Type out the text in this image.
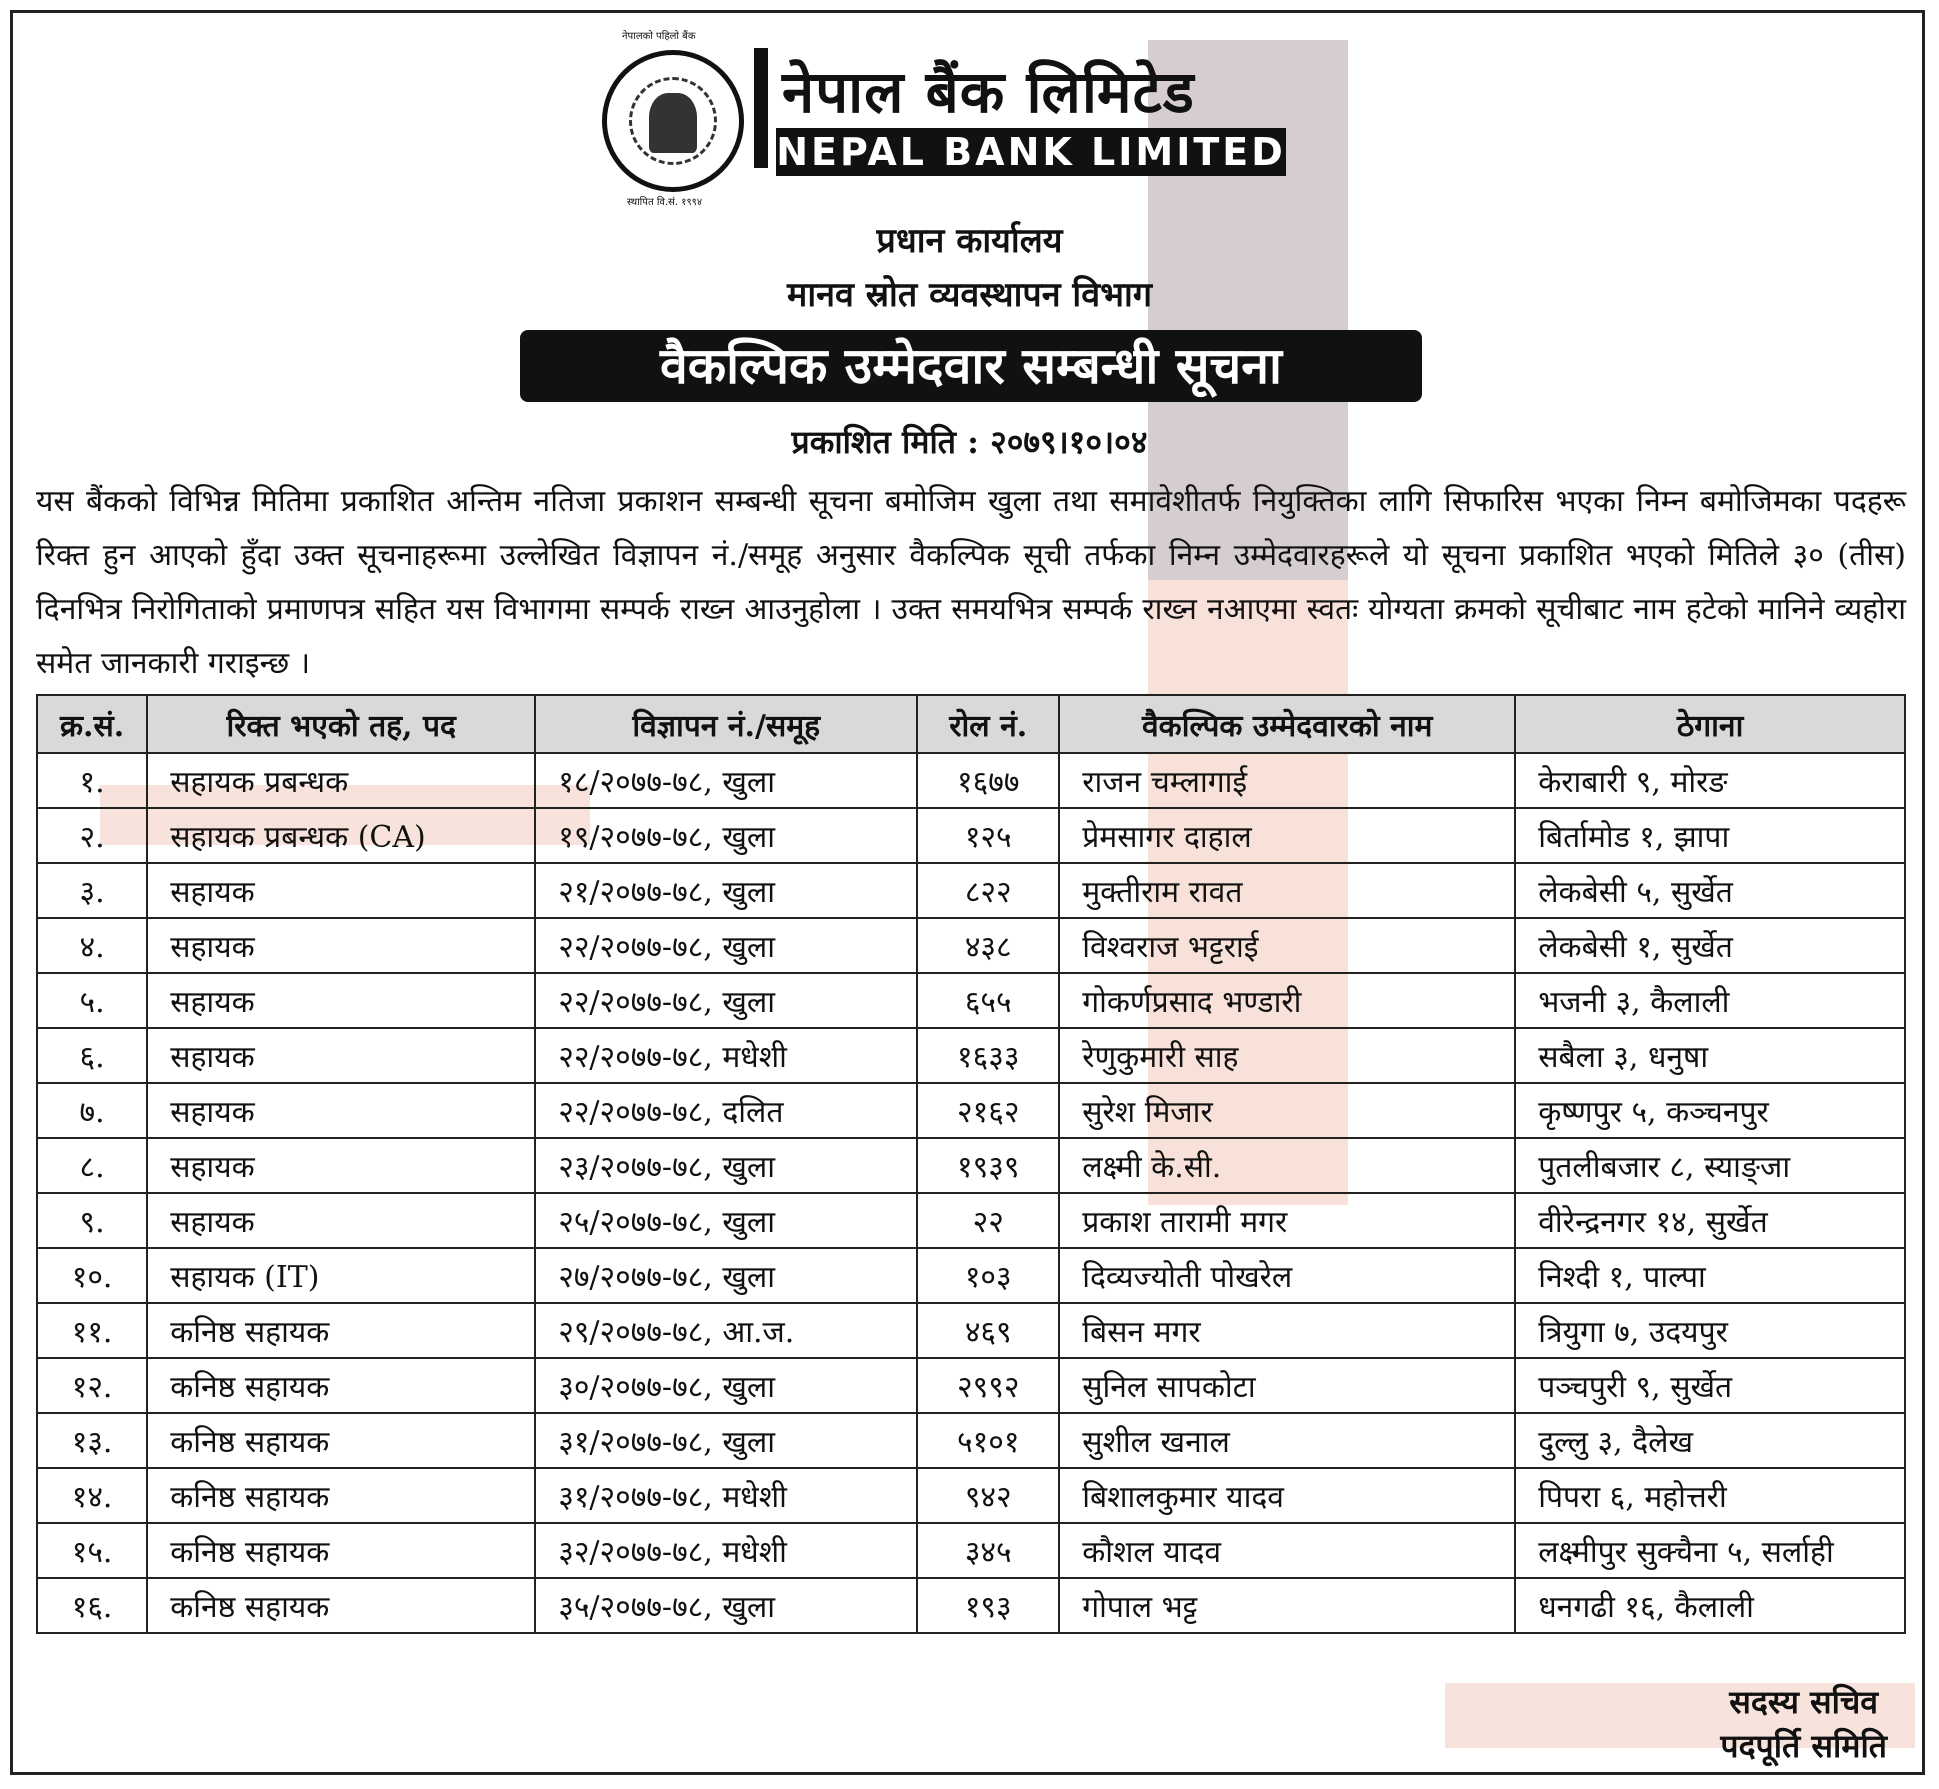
नेपालको पहिलो बैंक
स्थापित वि.सं. १९९४
नेपाल बैंक लिमिटेड
NEPAL BANK LIMITED
प्रधान कार्यालय
मानव स्रोत व्यवस्थापन विभाग
वैकल्पिक उम्मेदवार सम्बन्धी सूचना
प्रकाशित मिति : २०७९।१०।०४
यस बैंकको विभिन्न मितिमा प्रकाशित अन्तिम नतिजा प्रकाशन सम्बन्धी सूचना बमोजिम खुला तथा समावेशीतर्फ नियुक्तिका लागि सिफारिस भएका निम्न बमोजिमका पदहरू रिक्त हुन आएको हुँदा उक्त सूचनाहरूमा उल्लेखित विज्ञापन नं./समूह अनुसार वैकल्पिक सूची तर्फका निम्न उम्मेदवारहरूले यो सूचना प्रकाशित भएको मितिले ३० (तीस) दिनभित्र निरोगिताको प्रमाणपत्र सहित यस विभागमा सम्पर्क राख्न आउनुहोला । उक्त समयभित्र सम्पर्क राख्न नआएमा स्वतः योग्यता क्रमको सूचीबाट नाम हटेको मानिने व्यहोरा समेत जानकारी गराइन्छ ।
क्र.सं.	रिक्त भएको तह, पद	विज्ञापन नं./समूह	रोल नं.	वैकल्पिक उम्मेदवारको नाम	ठेगाना
१.	सहायक प्रबन्धक	१८/२०७७-७८, खुला	१६७७	राजन चम्लागाई	केराबारी ९, मोरङ
२.	सहायक प्रबन्धक (CA)	१९/२०७७-७८, खुला	१२५	प्रेमसागर दाहाल	बिर्तामोड १, झापा
३.	सहायक	२१/२०७७-७८, खुला	८२२	मुक्तीराम रावत	लेकबेसी ५, सुर्खेत
४.	सहायक	२२/२०७७-७८, खुला	४३८	विश्वराज भट्टराई	लेकबेसी १, सुर्खेत
५.	सहायक	२२/२०७७-७८, खुला	६५५	गोकर्णप्रसाद भण्डारी	भजनी ३, कैलाली
६.	सहायक	२२/२०७७-७८, मधेशी	१६३३	रेणुकुमारी साह	सबैला ३, धनुषा
७.	सहायक	२२/२०७७-७८, दलित	२१६२	सुरेश मिजार	कृष्णपुर ५, कञ्चनपुर
८.	सहायक	२३/२०७७-७८, खुला	१९३९	लक्ष्मी के.सी.	पुतलीबजार ८, स्याङ्जा
९.	सहायक	२५/२०७७-७८, खुला	२२	प्रकाश तारामी मगर	वीरेन्द्रनगर १४, सुर्खेत
१०.	सहायक (IT)	२७/२०७७-७८, खुला	१०३	दिव्यज्योती पोखरेल	निश्दी १, पाल्पा
११.	कनिष्ठ सहायक	२९/२०७७-७८, आ.ज.	४६९	बिसन मगर	त्रियुगा ७, उदयपुर
१२.	कनिष्ठ सहायक	३०/२०७७-७८, खुला	२९९२	सुनिल सापकोटा	पञ्चपुरी ९, सुर्खेत
१३.	कनिष्ठ सहायक	३१/२०७७-७८, खुला	५१०१	सुशील खनाल	दुल्लु ३, दैलेख
१४.	कनिष्ठ सहायक	३१/२०७७-७८, मधेशी	९४२	बिशालकुमार यादव	पिपरा ६, महोत्तरी
१५.	कनिष्ठ सहायक	३२/२०७७-७८, मधेशी	३४५	कौशल यादव	लक्ष्मीपुर सुक्चैना ५, सर्लाही
१६.	कनिष्ठ सहायक	३५/२०७७-७८, खुला	१९३	गोपाल भट्ट	धनगढी १६, कैलाली
सदस्य सचिव
पदपूर्ति समिति
